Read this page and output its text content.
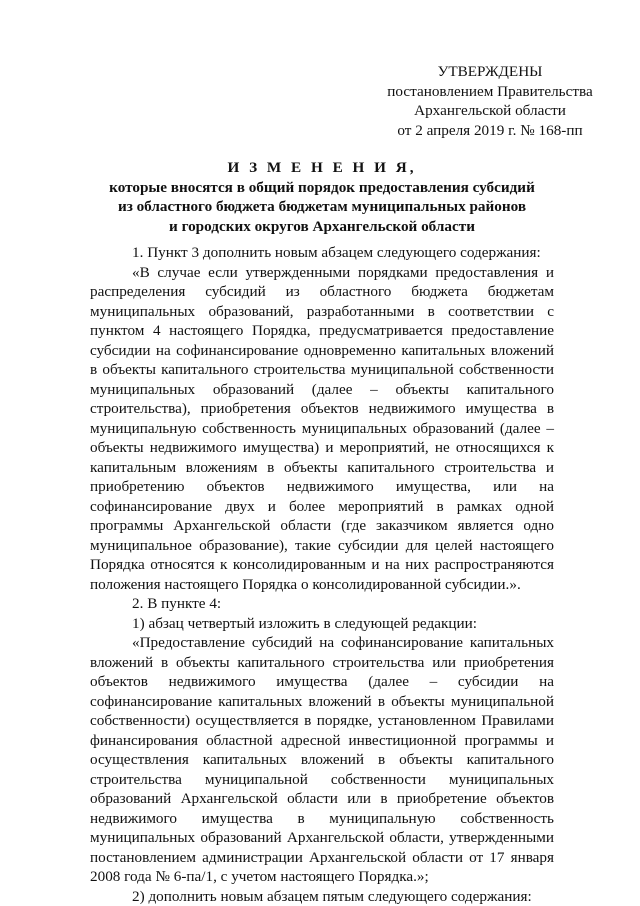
УТВЕРЖДЕНЫ
постановлением Правительства
Архангельской области
от 2 апреля 2019 г. № 168-пп
И З М Е Н Е Н И Я,
которые вносятся в общий порядок предоставления субсидий
из областного бюджета бюджетам муниципальных районов
и городских округов Архангельской области

1. Пункт 3 дополнить новым абзацем следующего содержания:

«В случае если утвержденными порядками предоставления и распределения субсидий из областного бюджета бюджетам муниципальных образований, разработанными в соответствии с пунктом 4 настоящего Порядка, предусматривается предоставление субсидии на софинансирование одновременно капитальных вложений в объекты капитального строительства муниципальной собственности муниципальных образований (далее – объекты капитального строительства), приобретения объектов недвижимого имущества в муниципальную собственность муниципальных образований (далее – объекты недвижимого имущества) и мероприятий, не относящихся к капитальным вложениям в объекты капитального строительства и приобретению объектов недвижимого имущества, или на софинансирование двух и более мероприятий в рамках одной программы Архангельской области (где заказчиком является одно муниципальное образование), такие субсидии для целей настоящего Порядка относятся к консолидированным и на них распространяются положения настоящего Порядка о консолидированной субсидии.».

2. В пункте 4:

1) абзац четвертый изложить в следующей редакции:

«Предоставление субсидий на софинансирование капитальных вложений в объекты капитального строительства или приобретения объектов недвижимого имущества (далее – субсидии на софинансирование капитальных вложений в объекты муниципальной собственности) осуществляется в порядке, установленном Правилами финансирования областной адресной инвестиционной программы и осуществления капитальных вложений в объекты капитального строительства муниципальной собственности муниципальных образований Архангельской области или в приобретение объектов недвижимого имущества в муниципальную собственность муниципальных образований Архангельской области, утвержденными постановлением администрации Архангельской области от 17 января 2008 года № 6-па/1, с учетом настоящего Порядка.»;

2) дополнить новым абзацем пятым следующего содержания:
